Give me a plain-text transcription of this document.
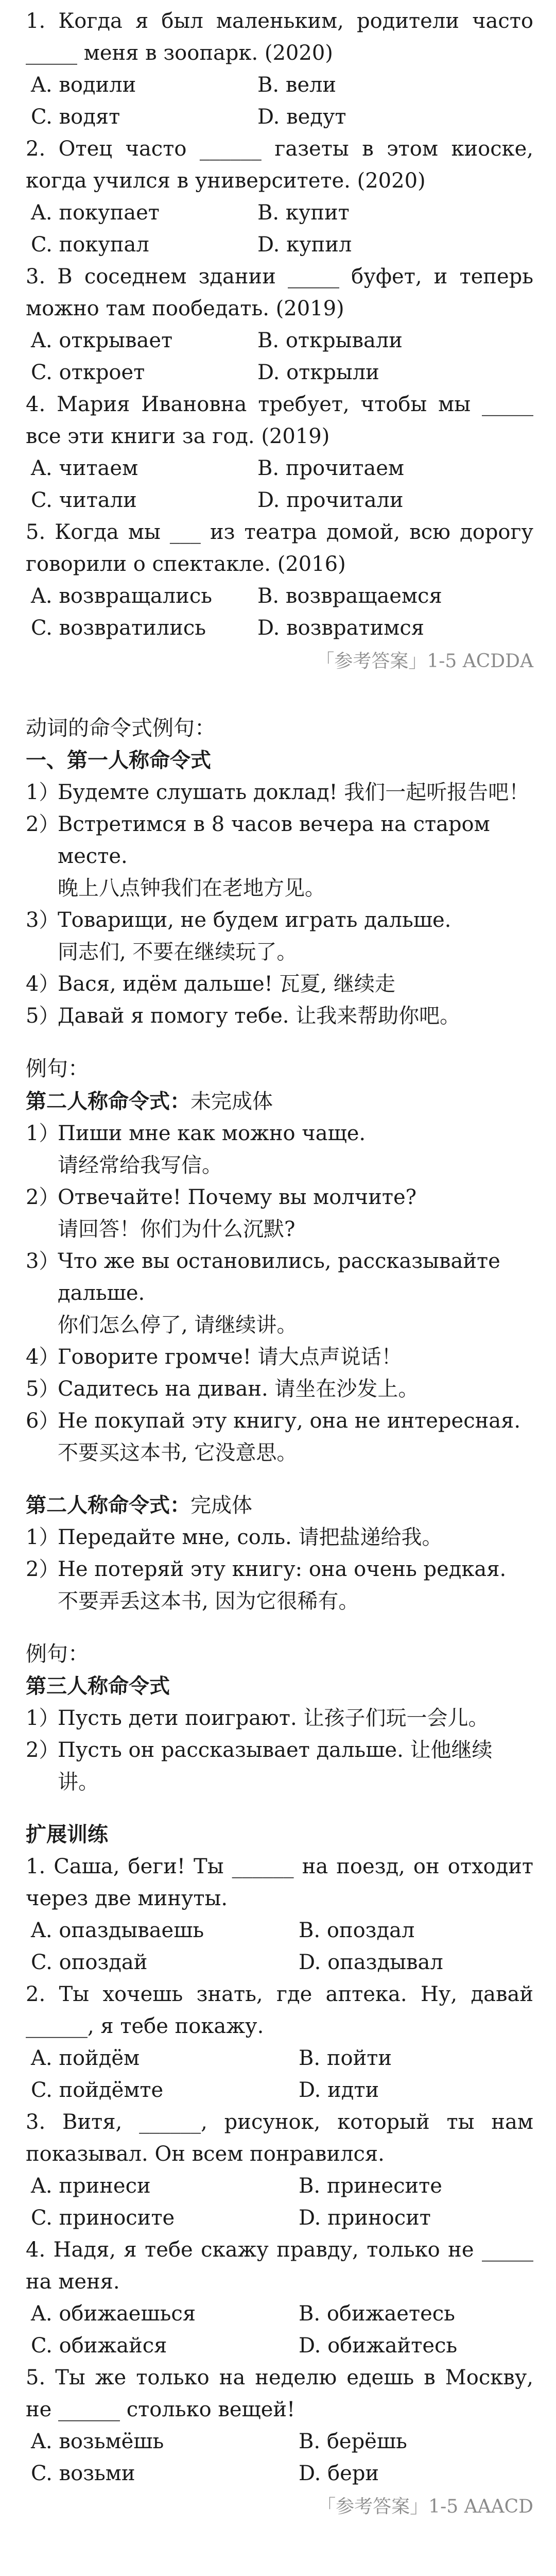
1. Когда я был маленьким, родители часто _____ меня в зоопарк. (2020)
A. водили	B. вели
C. водят	D. ведут
2. Отец часто ______ газеты в этом киоске, когда учился в университете. (2020)
A. покупает	B. купит
C. покупал	D. купил
3. В соседнем здании _____ буфет, и теперь можно там пообедать. (2019)
A. открывает	B. открывали
C. откроет	D. открыли
4. Мария Ивановна требует, чтобы мы _____ все эти книги за год. (2019)
A. читаем	B. прочитаем
C. читали	D. прочитали
5. Когда мы ___ из театра домой, всю дорогу говорили о спектакле. (2016)
A. возвращались	B. возвращаемся
C. возвратились	D. возвратимся
「参考答案」1-5 ACDDA
动词的命令式例句：
一、第一人称命令式
1）
Будемте слушать доклад! 我们一起听报告吧！
2）
Встретимся в 8 часов вечера на старом месте.
晚上八点钟我们在老地方见。
3）
Товарищи, не будем играть дальше.
同志们, 不要在继续玩了。
4）
Вася, идём дальше! 瓦夏, 继续走
5）
Давай я помогу тебе. 让我来帮助你吧。
例句：
第二人称命令式：未完成体
1）
Пиши мне как можно чаще.
请经常给我写信。
2）
Отвечайте! Почему вы молчите?
请回答！你们为什么沉默?
3）
Что же вы остановились, рассказывайте дальше.
你们怎么停了, 请继续讲。
4）
Говорите громче! 请大点声说话！
5）
Садитесь на диван. 请坐在沙发上。
6）
Не покупай эту книгу, она не интересная.
不要买这本书, 它没意思。
第二人称命令式：完成体
1）
Передайте мне, соль. 请把盐递给我。
2）
Не потеряй эту книгу: она очень редкая.
不要弄丢这本书, 因为它很稀有。
例句：
第三人称命令式
1）
Пусть дети поиграют. 让孩子们玩一会儿。
2）
Пусть он рассказывает дальше. 让他继续讲。
扩展训练
1. Саша, беги! Ты ______ на поезд, он отходит через две минуты.
A. опаздываешь	B. опоздал
C. опоздай	D. опаздывал
2. Ты хочешь знать, где аптека. Ну, давай ______, я тебе покажу.
A. пойдём	B. пойти
C. пойдёмте	D. идти
3. Витя, ______, рисунок, который ты нам показывал. Он всем понравился.
A. принеси	B. принесите
C. приносите	D. приносит
4. Надя, я тебе скажу правду, только не _____ на меня.
A. обижаешься	B. обижаетесь
C. обижайся	D. обижайтесь
5. Ты же только на неделю едешь в Москву, не ______ столько вещей!
A. возьмёшь	B. берёшь
C. возьми	D. бери
「参考答案」1-5 AAACD
